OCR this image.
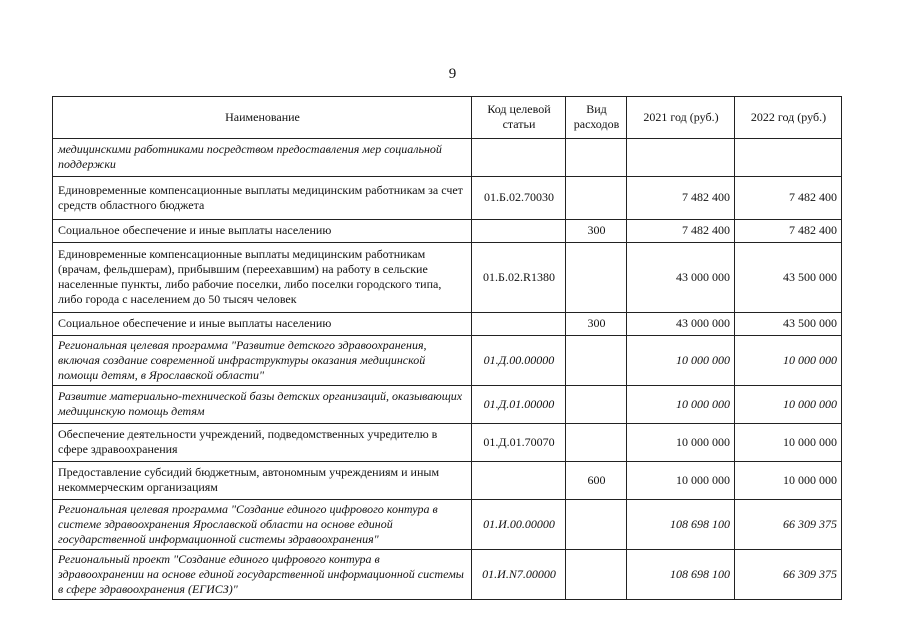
9
Наименование	Код целевой статьи	Вид расходов	2021 год (руб.)	2022 год (руб.)
медицинскими работниками посредством предоставления мер социальной поддержки				
Единовременные компенсационные выплаты медицинским работникам за счет средств областного бюджета	01.Б.02.70030		7 482 400	7 482 400
Социальное обеспечение и иные выплаты населению		300	7 482 400	7 482 400
Единовременные компенсационные выплаты медицинским работникам (врачам, фельдшерам), прибывшим (переехавшим) на работу в сельские населенные пункты, либо рабочие поселки, либо поселки городского типа, либо города с населением до 50 тысяч человек	01.Б.02.R1380		43 000 000	43 500 000
Социальное обеспечение и иные выплаты населению		300	43 000 000	43 500 000
Региональная целевая программа "Развитие детского здравоохранения, включая создание современной инфраструктуры оказания медицинской помощи детям, в Ярославской области"	01.Д.00.00000		10 000 000	10 000 000
Развитие материально-технической базы детских организаций, оказывающих медицинскую помощь детям	01.Д.01.00000		10 000 000	10 000 000
Обеспечение деятельности учреждений, подведомственных учредителю в сфере здравоохранения	01.Д.01.70070		10 000 000	10 000 000
Предоставление субсидий бюджетным, автономным учреждениям и иным некоммерческим организациям		600	10 000 000	10 000 000
Региональная целевая программа "Создание единого цифрового контура в системе здравоохранения Ярославской области на основе единой государственной информационной системы здравоохранения"	01.И.00.00000		108 698 100	66 309 375
Региональный проект "Создание единого цифрового контура в здравоохранении на основе единой государственной информационной системы в сфере здравоохранения (ЕГИСЗ)"	01.И.N7.00000		108 698 100	66 309 375
